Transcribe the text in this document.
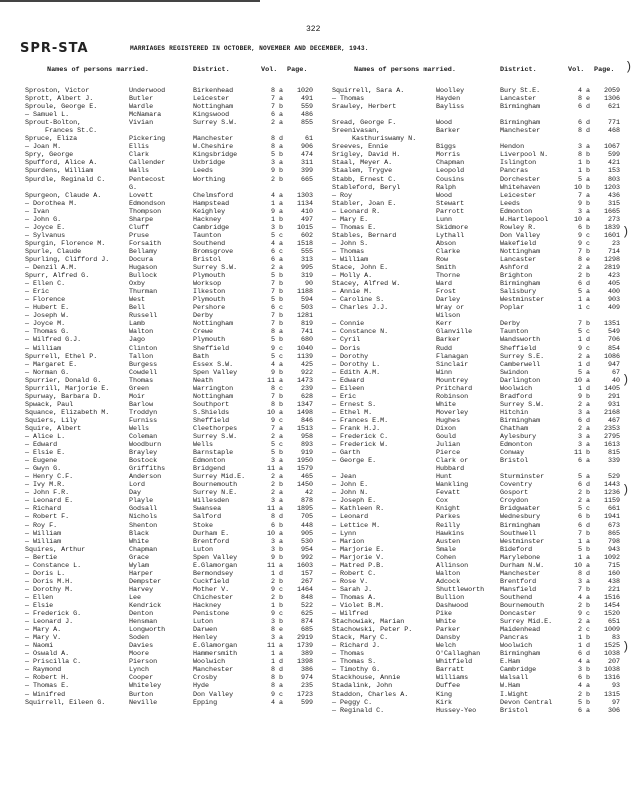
322
SPR-STA	MARRIAGES REGISTERED IN OCTOBER, NOVEMBER AND DECEMBER, 1943.
)
)
)
)
)
Names of persons married.	District.	Vol. Page.
Sproston, Victor	Underwood	Birkenhead	8 a	1020
Sprott, Albert J.	Butler	Leicester	7 a	491
Sproule, George E.	Wardle	Nottingham	7 b	559
— Samuel L.	McNamara	Kingswood	6 a	486
Sprout-Bolton,	Vivian	Surrey S.W.	2 a	855
Frances St.C.
Spruce, Eliza	Pickering	Manchester	8 d	61
— Joan M.	Ellis	W.Cheshire	8 a	906
Spry, George	Clark	Kingsbridge	5 b	474
Spufford, Alice A.	Callender	Uxbridge	3 a	311
Spurdens, William	Walls	Leeds	9 b	399
Spurdle, Reginald C.	Pentecost	Worthing	2 b	665
G.
Spurgeon, Claude A.	Lovett	Chelmsford	4 a	1303
— Dorothea M.	Edmondson	Hampstead	1 a	1134
— Ivan	Thompson	Keighley	9 a	410
— John G.	Sharpe	Hackney	1 b	497
— Joyce E.	Cluff	Cambridge	3 b	1015
— Sylvanus	Pruse	Taunton	5 c	602
Spurgin, Florence M.	Forsaith	Southend	4 a	1518
Spurle, Claude	Bellamy	Bromsgrove	6 c	555
Spurling, Clifford J.	Docura	Bristol	6 a	313
— Denzil A.M.	Hugason	Surrey S.W.	2 a	995
Spurr, Alfred G.	Bullock	Plymouth	5 b	319
— Ellen C.	Oxby	Worksop	7 b	90
— Eric	Thurman	Ilkeston	7 b	1188
— Florence	West	Plymouth	5 b	594
— Hubert E.	Bell	Pershore	6 c	503
— Joseph W.	Russell	Derby	7 b	1281
— Joyce M.	Lamb	Nottingham	7 b	819
— Thomas G.	Walton	Crewe	8 a	741
— Wilfred G.J.	Jago	Plymouth	5 b	680
— William	Clinton	Sheffield	9 c	1040
Spurrell, Ethel P.	Tallon	Bath	5 c	1139
— Margaret E.	Burgess	Essex S.W.	4 a	425
— Norman G.	Cowdell	Spen Valley	9 b	922
Spurrier, Donald G.	Thomas	Neath	11 a	1473
Spurrill, Marjorie E.	Green	Warrington	8 c	239
Spurway, Barbara D.	Moir	Nottingham	7 b	628
Spwack, Paul	Barlow	Southport	8 b	1347
Squance, Elizabeth M.	Troddyn	S.Shields	10 a	1498
Squiers, Lily	Furniss	Sheffield	9 c	846
Squire, Albert	Wells	Cleethorpes	7 a	1513
— Alice L.	Coleman	Surrey S.W.	2 a	958
— Edward	Woodburn	Wells	5 c	893
— Elsie E.	Brayley	Barnstaple	5 b	919
— Eugene	Bostock	Edmonton	3 a	1950
— Gwyn G.	Griffiths	Bridgend	11 a	1579
— Henry C.F.	Anderson	Surrey Mid.E.	2 a	465
— Ivy M.R.	Lord	Bournemouth	2 b	1450
— John F.R.	Day	Surrey N.E.	2 a	42
— Leonard E.	Playle	Willesden	3 a	878
— Richard	Godsall	Swansea	11 a	1895
— Robert F.	Nichols	Salford	8 d	705
— Roy F.	Shenton	Stoke	6 b	448
— William	Black	Durham E.	10 a	905
— William	White	Brentford	3 a	530
Squires, Arthur	Chapman	Luton	3 b	954
— Bertie	Grace	Spen Valley	9 b	992
— Constance L.	Wylam	E.Glamorgan	11 a	1603
— Doris L.	Harper	Bermondsey	1 d	157
— Doris M.H.	Dempster	Cuckfield	2 b	267
— Dorothy M.	Harvey	Mother V.	9 c	1464
— Ellen	Lee	Chichester	2 b	848
— Elsie	Kendrick	Hackney	1 b	522
— Frederick G.	Denton	Penistone	9 c	625
— Leonard J.	Hensman	Luton	3 b	874
— Mary A.	Longworth	Darwen	8 e	685
— Mary V.	Soden	Henley	3 a	2919
— Naomi	Davies	E.Glamorgan	11 a	1739
— Oswald A.	Moore	Hammersmith	1 a	389
— Priscilla C.	Pierson	Woolwich	1 d	1398
— Raymond	Lynch	Manchester	8 d	386
— Robert H.	Cooper	Crosby	8 b	974
— Thomas E.	Whiteley	Hyde	8 a	235
— Winifred	Burton	Don Valley	9 c	1723
Squirrell, Eileen G.	Neville	Epping	4 a	599
Names of persons married.	District.	Vol. Page.
Squirrell, Sara A.	Woolley	Bury St.E.	4 a	2059
— Thomas	Hayden	Lancaster	8 e	1306
Srawley, Herbert	Bayliss	Birmingham	6 d	621
Sread, George F.	Wood	Birmingham	6 d	771
Sreenivasan,	Barker	Manchester	8 d	468
Kasthuriswamy N.
Sreeves, Ennie	Biggs	Hendon	3 a	1067
Srigley, David H.	Morris	Liverpool N.	8 b	599
Staal, Meyer A.	Chapman	Islington	1 b	421
Staalem, Trygve	Leopold	Pancras	1 b	153
Stabb, Ernest C.	Cousins	Dorchester	5 a	803
Stableford, Beryl	Ralph	Whitehaven	10 b	1203
— Roy	Wood	Leicester	7 a	436
Stabler, Joan E.	Stewart	Leeds	9 b	315
— Leonard R.	Parrott	Edmonton	3 a	1665
— Mary E.	Lunn	W.Hartlepool	10 a	273
— Thomas E.	Skidmore	Rowley R.	6 b	1839
Stables, Bernard	Lythall	Don Valley	9 c	1601
— John S.	Abson	Wakefield	9 c	23
— Thomas	Clarke	Nottingham	7 b	714
— William	Row	Lancaster	8 e	1298
Stace, John E.	Smith	Ashford	2 a	2819
— Molly A.	Thorne	Brighton	2 b	423
Stacey, Alfred W.	Ward	Birmingham	6 d	405
— Annie M.	Frost	Salisbury	5 a	400
— Caroline S.	Darley	Westminster	1 a	903
— Charles J.J.	Wray or	Poplar	1 c	409
Wilson
— Connie	Kerr	Derby	7 b	1351
— Constance N.	Glanville	Taunton	5 c	549
— Cyril	Barker	Wandsworth	1 d	706
— Doris	Rudd	Sheffield	9 c	854
— Dorothy	Flanagan	Surrey S.E.	2 a	1086
— Dorothy L.	Sinclair	Camberwell	1 d	947
— Edith A.M.	Winn	Swindon	5 a	67
— Edward	Mountrey	Darlington	10 a	40
— Eileen	Pritchard	Woolwich	1 d	1405
— Eric	Robinson	Bradford	9 b	291
— Ernest S.	White	Surrey S.W.	2 a	931
— Ethel M.	Moverley	Hitchin	3 a	2168
— Frances E.M.	Hughes	Birmingham	6 d	467
— Frank H.J.	Dixon	Chatham	2 a	2353
— Frederick C.	Gould	Aylesbury	3 a	2795
— Frederick W.	Julian	Edmonton	3 a	1613
— Garth	Pierce	Conway	11 b	815
— George E.	Clark or	Bristol	6 a	339
Hubbard
— Jean	Hunt	Sturminster	5 a	529
— John E.	Wankling	Coventry	6 d	1443
— John N.	Fevatt	Gosport	2 b	1236
— Joseph E.	Cox	Croydon	2 a	1159
— Kathleen R.	Knight	Bridgwater	5 c	661
— Leonard	Parkes	Wednesbury	6 b	1941
— Lettice M.	Reilly	Birmingham	6 d	673
— Lynn	Hawkins	Southwell	7 b	865
— Marion	Austen	Westminster	1 a	798
— Marjorie E.	Smale	Bideford	5 b	943
— Marjorie V.	Cohen	Marylebone	1 a	1092
— Matred P.B.	Allinson	Durham N.W.	10 a	715
— Robert C.	Walton	Manchester	8 d	160
— Rose V.	Adcock	Brentford	3 a	438
— Sarah J.	Shuttleworth Mansfield	7 b	221
— Thomas A.	Bullion	Southend	4 a	1516
— Violet B.M.	Dashwood	Bournemouth	2 b	1454
— Wilfred	Pike	Doncaster	9 c	1520
Stachowiak, Marian	White	Surrey Mid.E.	2 a	651
Stachowski, Peter P.	Parker	Maidenhead	2 c	1009
Stack, Mary C.	Dansby	Pancras	1 b	83
— Richard J.	Welch	Woolwich	1 d	1525
— Thomas	O'Callaghan	Birmingham	6 d	1038
— Thomas S.	Whitfield	E.Ham	4 a	207
— Timothy G.	Barratt	Cambridge	3 b	1038
Stackhouse, Annie	Williams	Walsall	6 b	1316
Stadalink, John	Duffee	W.Ham	4 a	93
Staddon, Charles A.	King	I.Wight	2 b	1315
— Peggy C.	Kirk	Devon Central	5 b	97
— Reginald C.	Hussey-Yeo	Bristol	6 a	306
